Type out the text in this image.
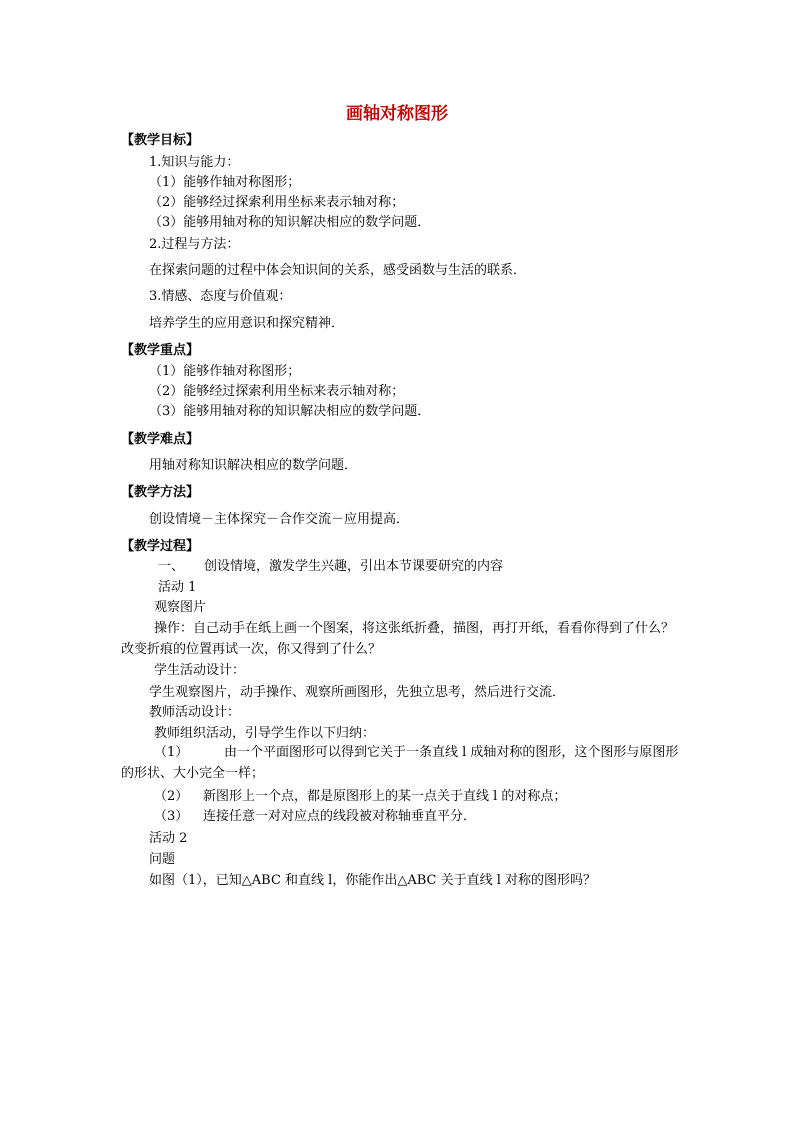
画轴对称图形
【教学目标】
1.知识与能力：
（1）能够作轴对称图形；
（2）能够经过探索利用坐标来表示轴对称；
（3）能够用轴对称的知识解决相应的数学问题．
2.过程与方法：
在探索问题的过程中体会知识间的关系，感受函数与生活的联系．
3.情感、态度与价值观：
培养学生的应用意识和探究精神．
【教学重点】
（1）能够作轴对称图形；
（2）能够经过探索利用坐标来表示轴对称；
（3）能够用轴对称的知识解决相应的数学问题．
【教学难点】
用轴对称知识解决相应的数学问题．
【教学方法】
创设情境－主体探究－合作交流－应用提高．
【教学过程】
一、 创设情境，激发学生兴趣，引出本节课要研究的内容
活动 1
观察图片
操作：自己动手在纸上画一个图案，将这张纸折叠，描图，再打开纸，看看你得到了什么？改变折痕的位置再试一次，你又得到了什么？
学生活动设计：
学生观察图片，动手操作、观察所画图形，先独立思考，然后进行交流．
教师活动设计：
教师组织活动，引导学生作以下归纳：
（1）	由一个平面图形可以得到它关于一条直线 l 成轴对称的图形，这个图形与原图形的形状、大小完全一样；
（2） 新图形上一个点，都是原图形上的某一点关于直线 l 的对称点；
（3） 连接任意一对对应点的线段被对称轴垂直平分．
活动 2
问题
如图（1），已知△ABC 和直线 l，你能作出△ABC 关于直线 l 对称的图形吗？
